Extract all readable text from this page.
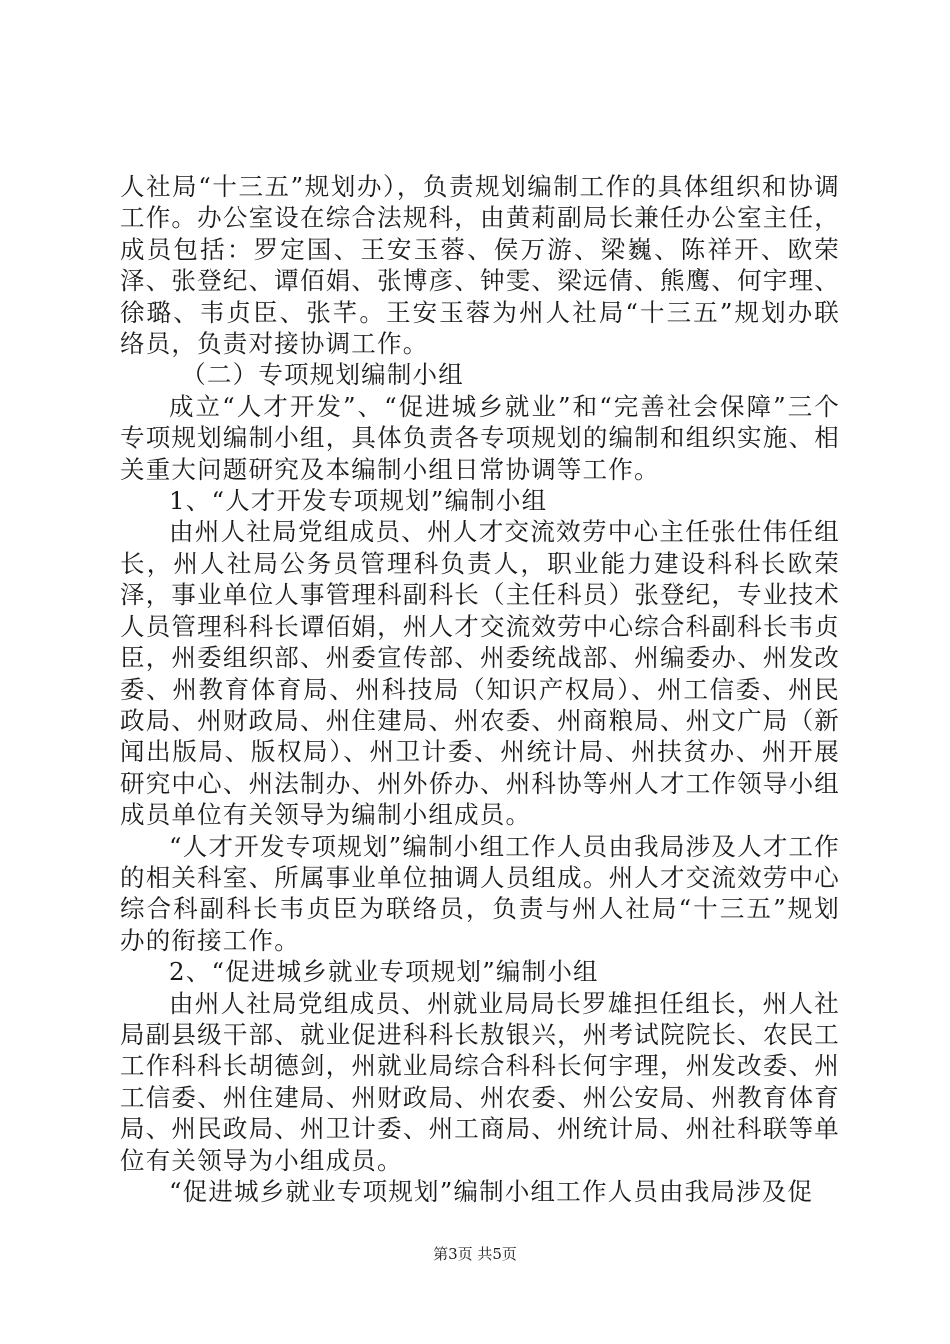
人社局“十三五”规划办），负责规划编制工作的具体组织和协调工作。办公室设在综合法规科，由黄莉副局长兼任办公室主任，成员包括：罗定国、王安玉蓉、侯万游、梁巍、陈祥开、欧荣泽、张登纪、谭佰娟、张博彦、钟雯、梁远倩、熊鹰、何宇理、徐璐、韦贞臣、张芊。王安玉蓉为州人社局“十三五”规划办联络员，负责对接协调工作。

（二）专项规划编制小组

成立“人才开发”、“促进城乡就业”和“完善社会保障”三个专项规划编制小组，具体负责各专项规划的编制和组织实施、相关重大问题研究及本编制小组日常协调等工作。

1、“人才开发专项规划”编制小组

由州人社局党组成员、州人才交流效劳中心主任张仕伟任组长，州人社局公务员管理科负责人，职业能力建设科科长欧荣泽，事业单位人事管理科副科长（主任科员）张登纪，专业技术人员管理科科长谭佰娟，州人才交流效劳中心综合科副科长韦贞臣，州委组织部、州委宣传部、州委统战部、州编委办、州发改委、州教育体育局、州科技局（知识产权局）、州工信委、州民政局、州财政局、州住建局、州农委、州商粮局、州文广局（新闻出版局、版权局）、州卫计委、州统计局、州扶贫办、州开展研究中心、州法制办、州外侨办、州科协等州人才工作领导小组成员单位有关领导为编制小组成员。

“人才开发专项规划”编制小组工作人员由我局涉及人才工作的相关科室、所属事业单位抽调人员组成。州人才交流效劳中心综合科副科长韦贞臣为联络员，负责与州人社局“十三五”规划办的衔接工作。

2、“促进城乡就业专项规划”编制小组

由州人社局党组成员、州就业局局长罗雄担任组长，州人社局副县级干部、就业促进科科长敖银兴，州考试院院长、农民工工作科科长胡德剑，州就业局综合科科长何宇理，州发改委、州工信委、州住建局、州财政局、州农委、州公安局、州教育体育局、州民政局、州卫计委、州工商局、州统计局、州社科联等单位有关领导为小组成员。

“促进城乡就业专项规划”编制小组工作人员由我局涉及促

第3页 共5页
